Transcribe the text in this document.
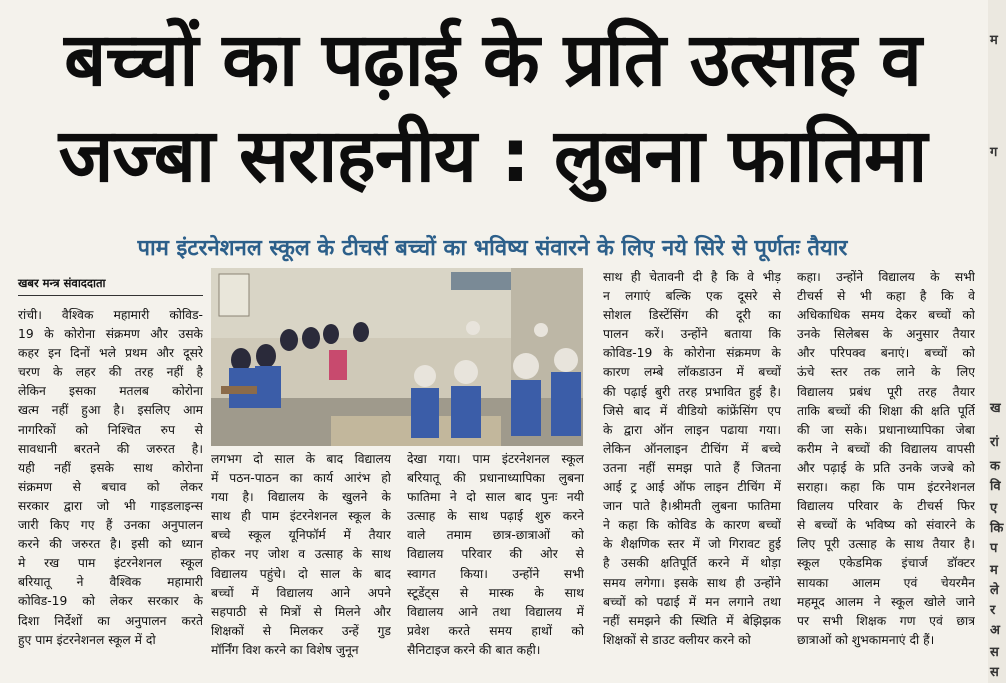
बच्चों का पढ़ाई के प्रति उत्साह व
जज्बा सराहनीय : लुबना फातिमा
पाम इंटरनेशनल स्कूल के टीचर्स बच्चों का भविष्य संवारने के लिए नये सिरे से पूर्णतः तैयार
खबर मन्त्र संवाददाता
रांची। वैश्विक महामारी कोविड-
19 के कोरोना संक्रमण और उसके
कहर इन दिनों भले प्रथम और दूसरे
चरण के लहर की तरह नहीं है
लेकिन इसका मतलब कोरोना
खत्म नहीं हुआ है। इसलिए आम
नागरिकों को निश्चित रुप से
सावधानी बरतने की जरुरत है।
यही नहीं इसके साथ कोरोना
संक्रमण से बचाव को लेकर
सरकार द्वारा जो भी गाइडलाइन्स
जारी किए गए हैं उनका अनुपालन
करने की जरुरत है। इसी को ध्यान
मे रख पाम इंटरनेशनल स्कूल
बरियातू ने वैश्विक महामारी
कोविड-19 को लेकर सरकार के
दिशा निर्देशों का अनुपालन करते
हुए पाम इंटरनेशनल स्कूल में दो
लगभग दो साल के बाद विद्यालय
में पठन-पाठन का कार्य आरंभ हो
गया है। विद्यालय के खुलने के
साथ ही पाम इंटरनेशनल स्कूल के
बच्चे स्कूल यूनिफॉर्म में तैयार
होकर नए जोश व उत्साह के साथ
विद्यालय पहुंचे। दो साल के बाद
बच्चों में विद्यालय आने अपने
सहपाठी से मित्रों से मिलने और
शिक्षकों से मिलकर उन्हें गुड
मॉर्निंग विश करने का विशेष जुनून
देखा गया। पाम इंटरनेशनल स्कूल
बरियातू की प्रधानाध्यापिका लुबना
फातिमा ने दो साल बाद पुनः नयी
उत्साह के साथ पढ़ाई शुरु करने
वाले तमाम छात्र-छात्राओं को
विद्यालय परिवार की ओर से
स्वागत किया। उन्होंने सभी
स्टूडेंट्स से मास्क के साथ
विद्यालय आने तथा विद्यालय में
प्रवेश करते समय हाथों को
सैनिटाइज करने की बात कही।
साथ ही चेतावनी दी है कि वे भीड़
न लगाएं बल्कि एक दूसरे से
सोशल डिस्टेंसिंग की दूरी का
पालन करें। उन्होंने बताया कि
कोविड-19 के कोरोना संक्रमण के
कारण लम्बे लॉकडाउन में बच्चों
की पढ़ाई बुरी तरह प्रभावित हुई है।
जिसे बाद में वीडियो कांफ्रेंसिंग एप
के द्वारा ऑन लाइन पढाया गया।
लेकिन ऑनलाइन टीचिंग में बच्चे
उतना नहीं समझ पाते हैं जितना
आई ट्र आई ऑफ लाइन टीचिंग में
जान पाते है।श्रीमती लुबना फातिमा
ने कहा कि कोविड के कारण बच्चों
के शैक्षणिक स्तर में जो गिरावट हुई
है उसकी क्षतिपूर्ति करने में थोड़ा
समय लगेगा। इसके साथ ही उन्होंने
बच्चों को पढाई में मन लगाने तथा
नहीं समझने की स्थिति में बेझिझक
शिक्षकों से डाउट क्लीयर करने को
कहा। उन्होंने विद्यालय के सभी
टीचर्स से भी कहा है कि वे
अधिकाधिक समय देकर बच्चों को
उनके सिलेबस के अनुसार तैयार
और परिपक्व बनाएं। बच्चों को
ऊंचे स्तर तक लाने के लिए
विद्यालय प्रबंध पूरी तरह तैयार
ताकि बच्चों की शिक्षा की क्षति पूर्ति
की जा सके। प्रधानाध्यापिका जेबा
करीम ने बच्चों की विद्यालय वापसी
और पढ़ाई के प्रति उनके जज्बे को
सराहा। कहा कि पाम इंटरनेशनल
विद्यालय परिवार के टीचर्स फिर
से बच्चों के भविष्य को संवारने के
लिए पूरी उत्साह के साथ तैयार है।
स्कूल एकेडमिक इंचार्ज डॉक्टर
सायका आलम एवं चेयरमैन
महमूद आलम ने स्कूल खोले जाने
पर सभी शिक्षक गण एवं छात्र
छात्राओं को शुभकामनाएं दी हैं।
म
ग
ख
रां
क
वि
ए
कि
प
म
ले
र
अ
स
स
